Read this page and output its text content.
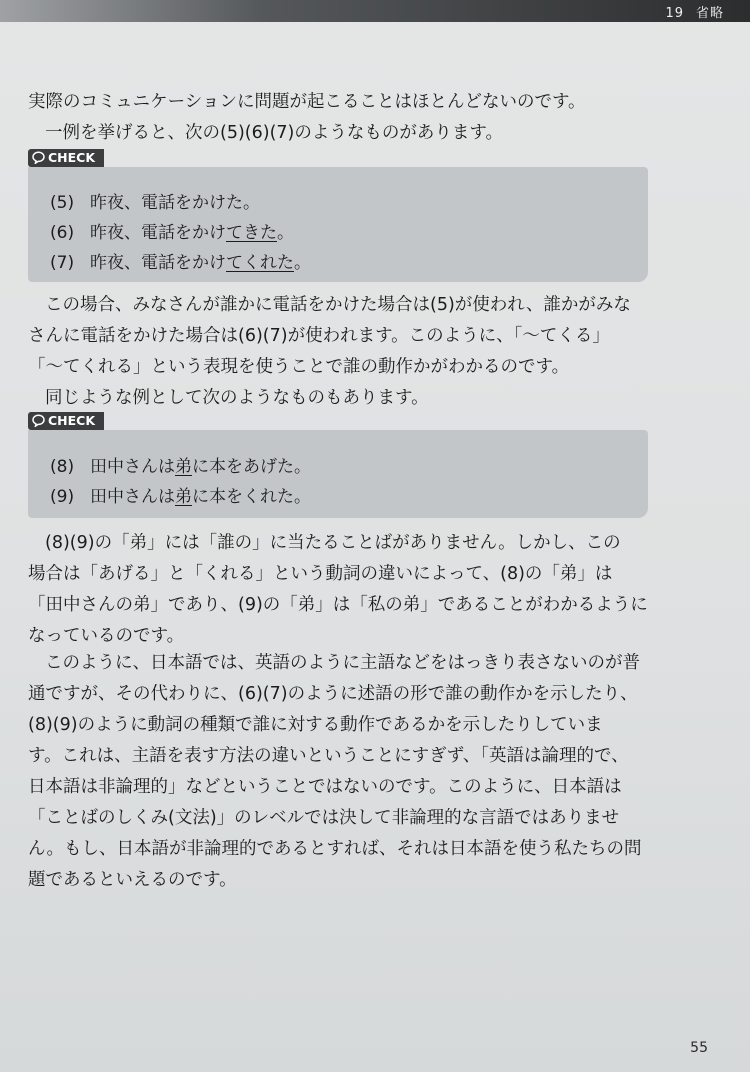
19 省略
実際のコミュニケーションに問題が起こることはほとんどないのです。
一例を挙げると、次の(5)(6)(7)のようなものがあります。
CHECK
(5) 昨夜、電話をかけた。
(6) 昨夜、電話をかけてきた。
(7) 昨夜、電話をかけてくれた。
この場合、みなさんが誰かに電話をかけた場合は(5)が使われ、誰かがみな
さんに電話をかけた場合は(6)(7)が使われます。このように、「〜てくる」
「〜てくれる」という表現を使うことで誰の動作かがわかるのです。
同じような例として次のようなものもあります。
CHECK
(8) 田中さんは弟に本をあげた。
(9) 田中さんは弟に本をくれた。
(8)(9)の「弟」には「誰の」に当たることばがありません。しかし、この
場合は「あげる」と「くれる」という動詞の違いによって、(8)の「弟」は
「田中さんの弟」であり、(9)の「弟」は「私の弟」であることがわかるように
なっているのです。
このように、日本語では、英語のように主語などをはっきり表さないのが普
通ですが、その代わりに、(6)(7)のように述語の形で誰の動作かを示したり、
(8)(9)のように動詞の種類で誰に対する動作であるかを示したりしていま
す。これは、主語を表す方法の違いということにすぎず、「英語は論理的で、
日本語は非論理的」などということではないのです。このように、日本語は
「ことばのしくみ(文法)」のレベルでは決して非論理的な言語ではありませ
ん。もし、日本語が非論理的であるとすれば、それは日本語を使う私たちの問
題であるといえるのです。
55
